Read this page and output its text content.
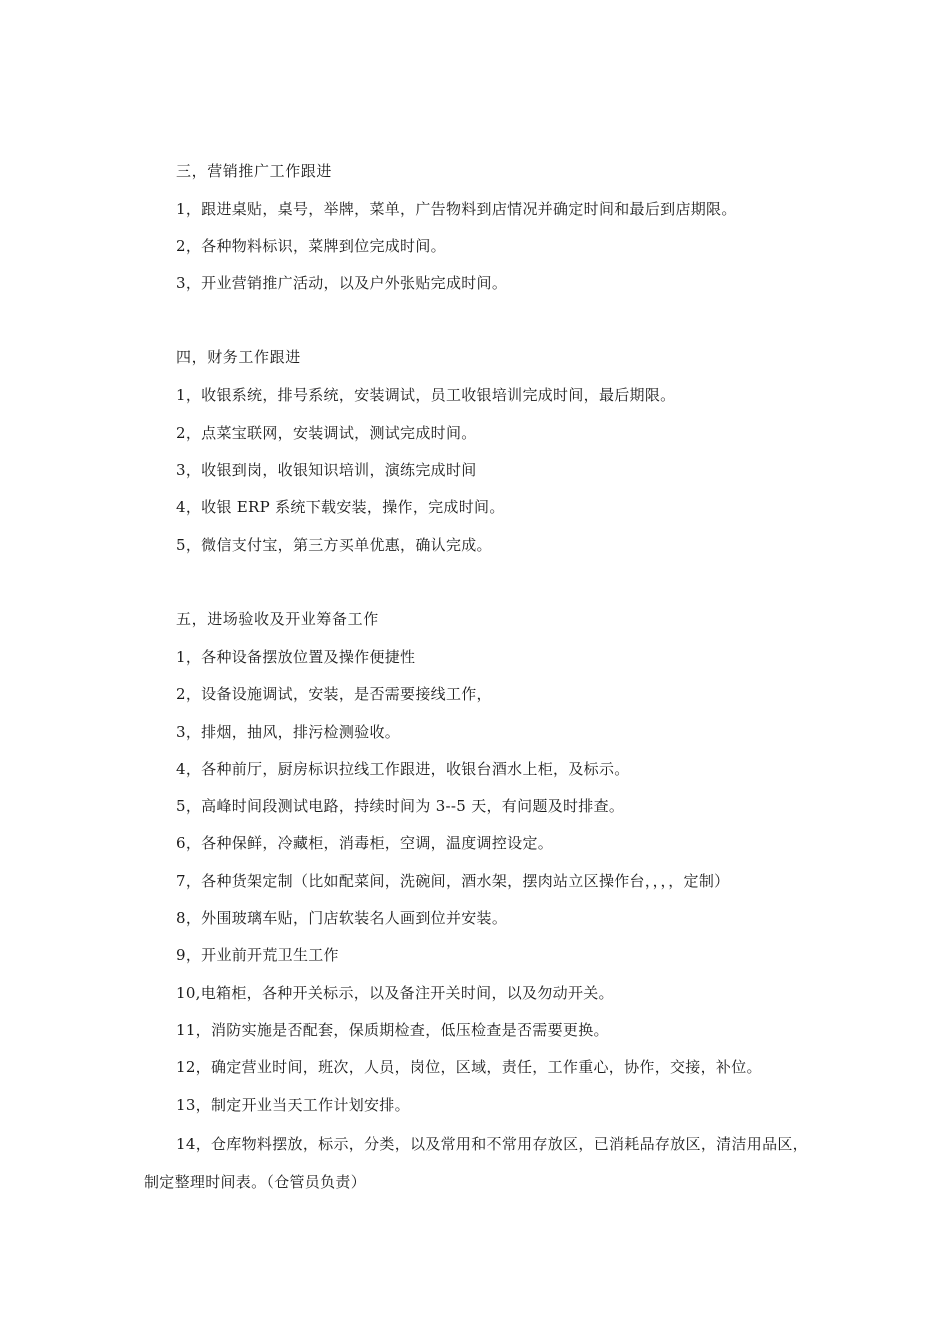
三，营销推广工作跟进
1，跟进桌贴，桌号，举牌，菜单，广告物料到店情况并确定时间和最后到店期限。
2，各种物料标识，菜牌到位完成时间。
3，开业营销推广活动，以及户外张贴完成时间。
四，财务工作跟进
1，收银系统，排号系统，安装调试，员工收银培训完成时间，最后期限。
2，点菜宝联网，安装调试，测试完成时间。
3，收银到岗，收银知识培训，演练完成时间
4，收银 ERP 系统下载安装，操作，完成时间。
5，微信支付宝，第三方买单优惠，确认完成。
五，进场验收及开业筹备工作
1，各种设备摆放位置及操作便捷性
2，设备设施调试，安装，是否需要接线工作，
3，排烟，抽风，排污检测验收。
4，各种前厅，厨房标识拉线工作跟进，收银台酒水上柜，及标示。
5，高峰时间段测试电路，持续时间为 3--5 天，有问题及时排查。
6，各种保鲜，冷藏柜，消毒柜，空调，温度调控设定。
7，各种货架定制（比如配菜间，洗碗间，酒水架，摆肉站立区操作台，，，，定制）
8，外围玻璃车贴，门店软装名人画到位并安装。
9，开业前开荒卫生工作
10,电箱柜，各种开关标示，以及备注开关时间，以及勿动开关。
11，消防实施是否配套，保质期检查，低压检查是否需要更换。
12，确定营业时间，班次，人员，岗位，区域，责任，工作重心，协作，交接，补位。
13，制定开业当天工作计划安排。
14，仓库物料摆放，标示，分类，以及常用和不常用存放区，已消耗品存放区，清洁用品区，制定整理时间表。（仓管员负责）
